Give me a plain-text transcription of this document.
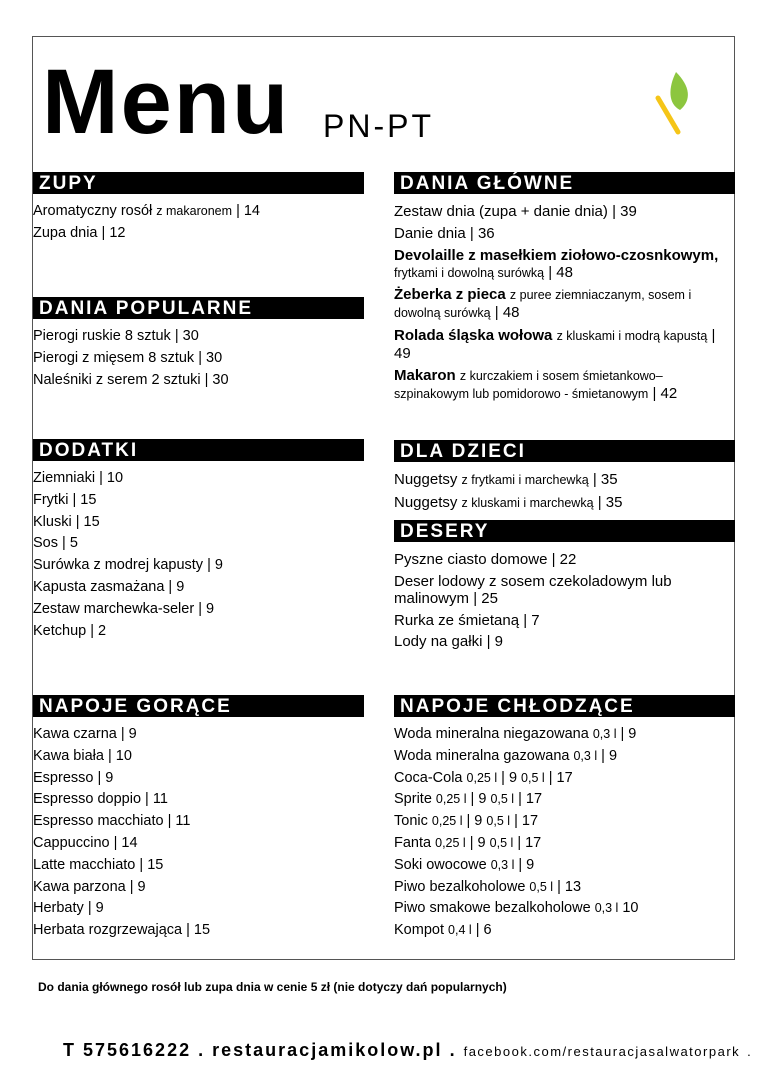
Menu PN-PT
ZUPY
Aromatyczny rosół z makaronem | 14
Zupa dnia | 12
DANIA POPULARNE
Pierogi ruskie 8 sztuk | 30
Pierogi z mięsem 8 sztuk | 30
Naleśniki z serem 2 sztuki | 30
DODATKI
Ziemniaki | 10
Frytki | 15
Kluski | 15
Sos | 5
Surówka z modrej kapusty | 9
Kapusta zasmażana | 9
Zestaw marchewka-seler | 9
Ketchup | 2
DANIA GŁÓWNE
Zestaw dnia (zupa + danie dnia) | 39
Danie dnia | 36
Devolaille z masełkiem ziołowo-czosnkowym, frytkami i dowolną surówką | 48
Żeberka z pieca z puree ziemniaczanym, sosem i dowolną surówką | 48
Rolada śląska wołowa z kluskami i modrą kapustą | 49
Makaron z kurczakiem i sosem śmietankowo–szpinakowym lub pomidorowo - śmietanowym | 42
DLA DZIECI
Nuggetsy z frytkami i marchewką | 35
Nuggetsy z kluskami i marchewką | 35
DESERY
Pyszne ciasto domowe | 22
Deser lodowy z sosem czekoladowym lub malinowym | 25
Rurka ze śmietaną | 7
Lody na gałki | 9
NAPOJE GORĄCE
Kawa czarna | 9
Kawa biała | 10
Espresso | 9
Espresso doppio | 11
Espresso macchiato | 11
Cappuccino | 14
Latte macchiato | 15
Kawa parzona | 9
Herbaty | 9
Herbata rozgrzewająca | 15
NAPOJE CHŁODZĄCE
Woda mineralna niegazowana 0,3 l | 9
Woda mineralna gazowana 0,3 l | 9
Coca-Cola 0,25 l | 9 0,5 l | 17
Sprite 0,25 l | 9 0,5 l | 17
Tonic 0,25 l | 9 0,5 l | 17
Fanta 0,25 l | 9 0,5 l | 17
Soki owocowe 0,3 l | 9
Piwo bezalkoholowe 0,5 l | 13
Piwo smakowe bezalkoholowe 0,3 l 10
Kompot 0,4 l | 6
Do dania głównego rosół lub zupa dnia w cenie 5 zł (nie dotyczy dań popularnych)
T 575616222 . restauracjamikolow.pl . facebook.com/restauracjasalwatorpark .
